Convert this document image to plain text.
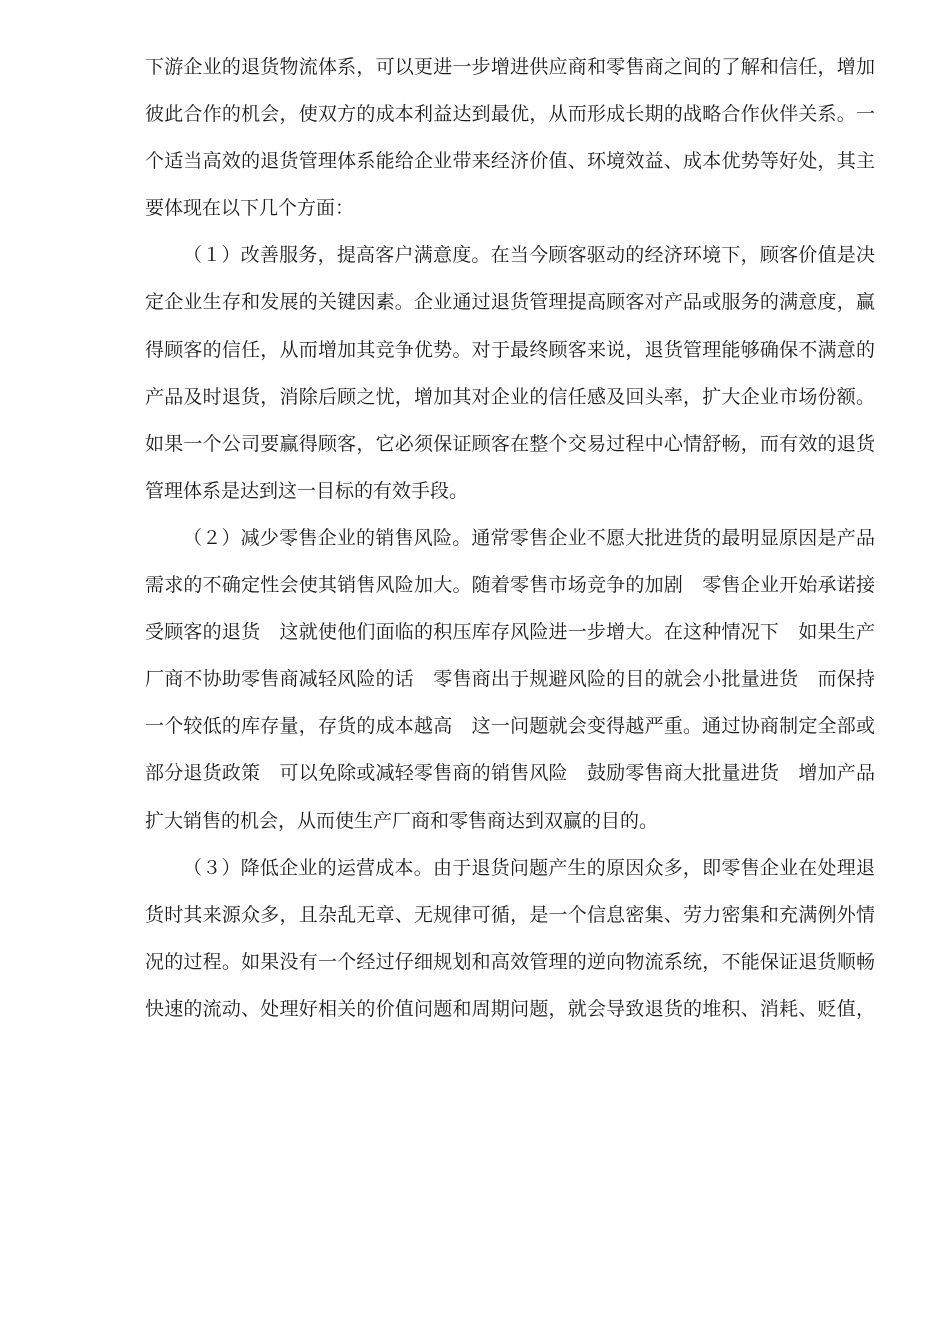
下游企业的退货物流体系，可以更进一步增进供应商和零售商之间的了解和信任，增加
彼此合作的机会，使双方的成本利益达到最优，从而形成长期的战略合作伙伴关系。一
个适当高效的退货管理体系能给企业带来经济价值、环境效益、成本优势等好处，其主
要体现在以下几个方面：
（１）改善服务，提高客户满意度。在当今顾客驱动的经济环境下，顾客价值是决
定企业生存和发展的关键因素。企业通过退货管理提高顾客对产品或服务的满意度，赢
得顾客的信任，从而增加其竞争优势。对于最终顾客来说，退货管理能够确保不满意的
产品及时退货，消除后顾之忧，增加其对企业的信任感及回头率，扩大企业市场份额。
如果一个公司要赢得顾客，它必须保证顾客在整个交易过程中心情舒畅，而有效的退货
管理体系是达到这一目标的有效手段。
（２）减少零售企业的销售风险。通常零售企业不愿大批进货的最明显原因是产品
需求的不确定性会使其销售风险加大。随着零售市场竞争的加剧　零售企业开始承诺接
受顾客的退货　这就使他们面临的积压库存风险进一步增大。在这种情况下　如果生产
厂商不协助零售商减轻风险的话　零售商出于规避风险的目的就会小批量进货　而保持
一个较低的库存量，存货的成本越高　这一问题就会变得越严重。通过协商制定全部或
部分退货政策　可以免除或减轻零售商的销售风险　鼓励零售商大批量进货　增加产品
扩大销售的机会，从而使生产厂商和零售商达到双赢的目的。
（３）降低企业的运营成本。由于退货问题产生的原因众多，即零售企业在处理退
货时其来源众多，且杂乱无章、无规律可循，是一个信息密集、劳力密集和充满例外情
况的过程。如果没有一个经过仔细规划和高效管理的逆向物流系统，不能保证退货顺畅
快速的流动、处理好相关的价值问题和周期问题，就会导致退货的堆积、消耗、贬值，
